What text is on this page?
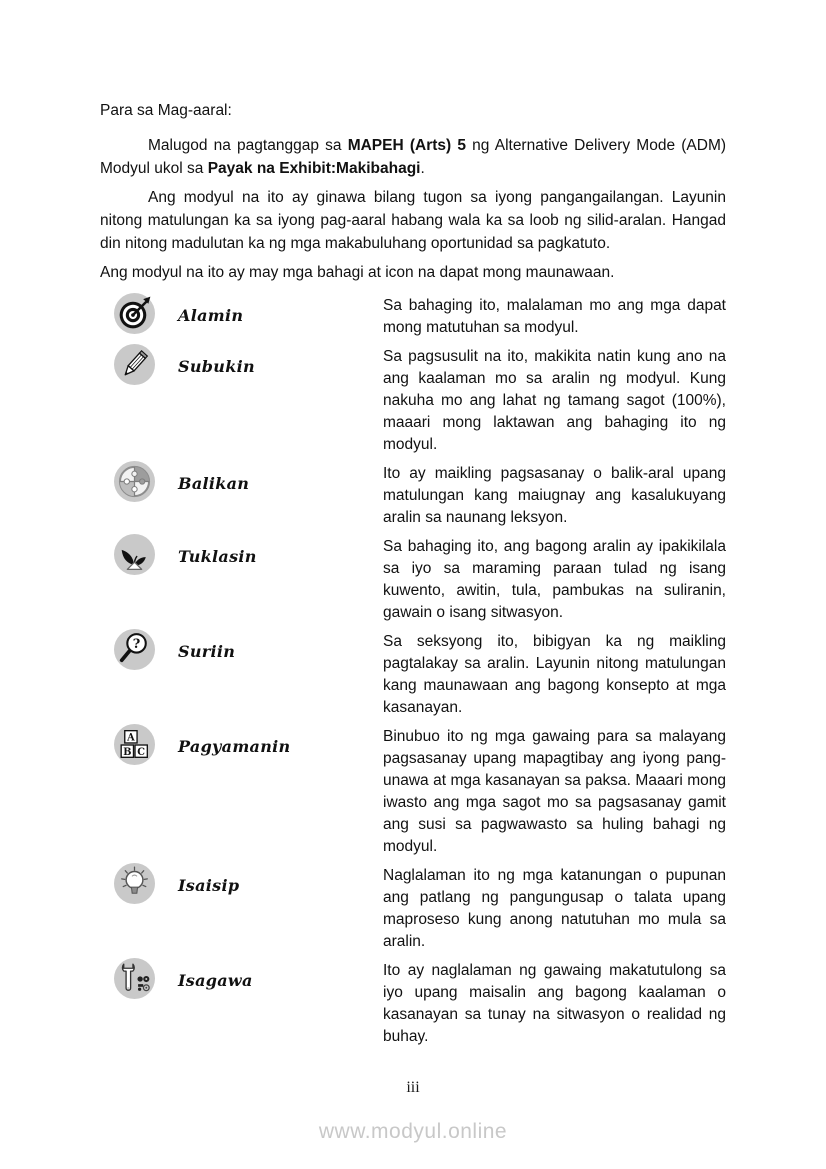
Para sa Mag-aaral:

Malugod na pagtanggap sa MAPEH (Arts) 5 ng Alternative Delivery Mode (ADM) Modyul ukol sa Payak na Exhibit:Makibahagi.

Ang modyul na ito ay ginawa bilang tugon sa iyong pangangailangan. Layunin nitong matulungan ka sa iyong pag-aaral habang wala ka sa loob ng silid-aralan. Hangad din nitong madulutan ka ng mga makabuluhang oportunidad sa pagkatuto.

Ang modyul na ito ay may mga bahagi at icon na dapat mong maunawaan.

Alamin
Sa bahaging ito, malalaman mo ang mga dapat mong matutuhan sa modyul.
Subukin
Sa pagsusulit na ito, makikita natin kung ano na ang kaalaman mo sa aralin ng modyul. Kung nakuha mo ang lahat ng tamang sagot (100%), maaari mong laktawan ang bahaging ito ng modyul.
Balikan
Ito ay maikling pagsasanay o balik-aral upang matulungan kang maiugnay ang kasalukuyang aralin sa naunang leksyon.
Tuklasin
Sa bahaging ito, ang bagong aralin ay ipakikilala sa iyo sa maraming paraan tulad ng isang kuwento, awitin, tula, pambukas na suliranin, gawain o isang sitwasyon.
? Suriin
Sa seksyong ito, bibigyan ka ng maikling pagtalakay sa aralin. Layunin nitong matulungan kang maunawaan ang bagong konsepto at mga kasanayan.
A
B C Pagyamanin
Binubuo ito ng mga gawaing para sa malayang pagsasanay upang mapagtibay ang iyong pang-unawa at mga kasanayan sa paksa. Maaari mong iwasto ang mga sagot mo sa pagsasanay gamit ang susi sa pagwawasto sa huling bahagi ng modyul.
Isaisip
Naglalaman ito ng mga katanungan o pupunan ang patlang ng pangungusap o talata upang maproseso kung anong natutuhan mo mula sa aralin.
Isagawa
Ito ay naglalaman ng gawaing makatutulong sa iyo upang maisalin ang bagong kaalaman o kasanayan sa tunay na sitwasyon o realidad ng buhay.
iii
www.modyul.online
